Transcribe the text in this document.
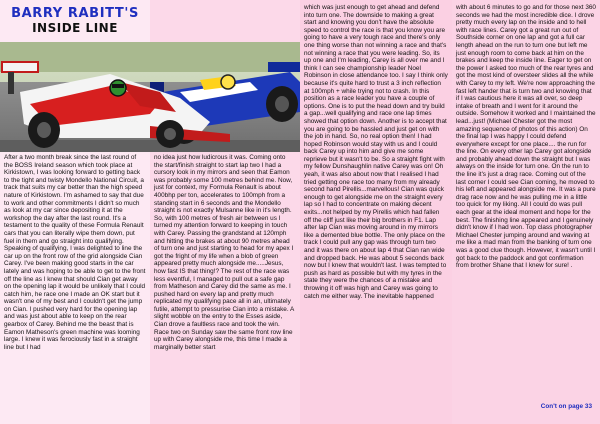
BARRY RABITT'S
INSIDE LINE

After a two month break since the last round of the BOSS Ireland season which took place at Kirkistown, I was looking forward to getting back to the tight and twisty Mondello National Circuit, a track that suits my car better than the high speed nature of Kirkistown. I'm ashamed to say that due to work and other commitments I didn't so much as look at my car since depositing it at the workshop the day after the last round. It's a testament to the quality of these Formula Renault cars that you can literally wipe them down, put fuel in them and go straight into qualifying. Speaking of qualifying, I was delighted to line the car up on the front row of the grid alongside Cian Carey. I've been making good starts in the car lately and was hoping to be able to get to the front off the line as I knew that should Cian get away on the opening lap it would be unlikely that I could catch him, he race one I made an OK start but it wasn't one of my best and I couldn't get the jump on Cian. I pushed very hard for the opening lap and was just about able to keep on the rear gearbox of Carey. Behind me the beast that is Eamon Matheson's green machine was looming large. I knew it was ferociously fast in a straight line but I had

no idea just how ludicrous it was. Coming onto the start/finish straight to start lap two I had a cursory look in my mirrors and seen that Eamon was probably some 100 metres behind me. Now, just for context, my Formula Renault is about 400bhp per ton, accelerates to 100mph from a standing start in 6 seconds and the Mondello straight is not exactly Mulsanne like in it's length. So, with 100 metres of fresh air between us I turned my attention forward to keeping in touch with Carey. Passing the grandstand at 120mph and hitting the brakes at about 90 metres ahead of turn one and just starting to head for my apex I got the fright of my life when a blob of green appeared pretty much alongside me.....Jesus, how fast IS that thing!? The rest of the race was less eventful, I managed to pull out a safe gap from Matheson and Carey did the same as me. I pushed hard on every lap and pretty much replicated my qualifying pace all in an, ultimately futile, attempt to pressurise Cian into a mistake. A slight wobble on the entry to the Esses aside, Cian drove a faultless race and took the win. Race two on Sunday saw the same front row line up with Carey alongside me, this time I made a marginally better start

which was just enough to get ahead and defend into turn one. The downside to making a great start and knowing you don't have the absolute speed to control the race is that you know you are going to have a very tough race and there's only one thing worse than not winning a race and that's not winning a race that you were leading. So, its up one and I'm leading, Carey is all over me and I think I can see championship leader Noel Robinson in close attendance too. I say I think only because it's quite hard to trust a 3 inch reflection at 100mph + while trying not to crash. In this position as a race leader you have a couple of options. One is to put the head down and try build a gap...well qualifying and race one lap times showed that option down. Another is to accept that you are going to be hassled and just get on with the job in hand. So, no real option then! I had hoped Robinson would stay with us and I could back Carey up into him and give me some reprieve but it wasn't to be. So a straight fight with my fellow Dunshaughlin native Carey was on! Oh yeah, it was also about now that I realised I had tried getting one race too many from my already second hand Pirellis...marvellous! Cian was quick enough to get alongside me on the straight every lap so I had to concentrate on making decent exits...not helped by my Pirellis which had fallen off the cliff just like their big brothers in F1. Lap after lap Cian was moving around in my mirrors like a demented blue bottle. The only place on the track I could pull any gap was through turn two and it was there on about lap 4 that Cian ran wide and dropped back. He was about 5 seconds back now but I knew that wouldn't last. I was tempted to push as hard as possible but with my tyres in the state they were the chances of a mistake and throwing it off was high and Carey was going to catch me either way. The inevitable happened

with about 6 minutes to go and for those next 360 seconds we had the most incredible dice. I drove pretty much every lap on the inside and to hell with race lines. Carey got a great run out of Southside corner on one lap and got a full car length ahead on the run to turn one but left me just enough room to come back at him on the brakes and keep the inside line. Eager to get on the power I asked too much of the rear tyres and got the most kind of oversteer slides all the while with Carey to my left. We're now approaching the fast left hander that is turn two and knowing that if I was cautious here it was all over, so deep intake of breath and I went for it around the outside. Somehow it worked and I maintained the lead...just! (Michael Chester got the most amazing sequence of photos of this action) On the final lap I was happy I could defend everywhere except for one place.... the run for the line. On every other lap Carey got alongside and probably ahead down the straight but I was always on the inside for turn one. On the run to the line it's just a drag race. Coming out of the last corner I could see Cian coming, he moved to his left and appeared alongside me. It was a pure drag race now and he was pulling me in a little too quick for my liking. All I could do was pull each gear at the ideal moment and hope for the best. The finishing line appeared and I genuinely didn't know if I had won. Top class photographer Michael Chester jumping around and waving at me like a mad man from the banking of turn one was a good clue though. However, it wasn't until I got back to the paddock and got confirmation from brother Shane that I knew for sure! .

Con't on page 33
